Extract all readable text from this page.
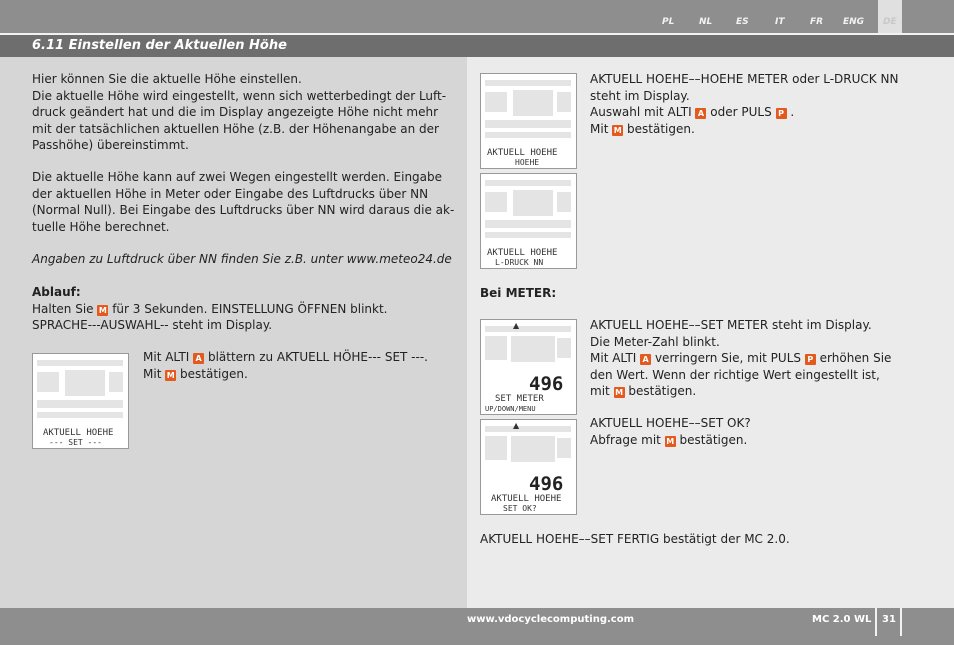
PL	NL	ES	IT	FR ENG DE
6.11 Einstellen der Aktuellen Höhe

Hier können Sie die aktuelle Höhe einstellen.

Die aktuelle Höhe wird eingestellt, wenn sich wetterbedingt der Luft-

druck geändert hat und die im Display angezeigte Höhe nicht mehr

mit der tatsächlichen aktuellen Höhe (z.B. der Höhenangabe an der

Passhöhe) übereinstimmt.

Die aktuelle Höhe kann auf zwei Wegen eingestellt werden. Eingabe

der aktuellen Höhe in Meter oder Eingabe des Luftdrucks über NN

(Normal Null). Bei Eingabe des Luftdrucks über NN wird daraus die ak-

tuelle Höhe berechnet.

Angaben zu Luftdruck über NN finden Sie z.B. unter www.meteo24.de

Ablauf:

Halten Sie M für 3 Sekunden. EINSTELLUNG ÖFFNEN blinkt.

SPRACHE---AUSWAHL-- steht im Display.

Mit ALTI A blättern zu AKTUELL HÖHE--- SET ---.

Mit M bestätigen.

AKTUELL HOEHE
--- SET ---

AKTUELL HOEHE––HOEHE METER oder L-DRUCK NN

steht im Display.

Auswahl mit ALTI A oder PULS P .

Mit M bestätigen.

AKTUELL HOEHE
HOEHE
AKTUELL HOEHE
L-DRUCK NN
Bei METER:

AKTUELL HOEHE––SET METER steht im Display.

Die Meter-Zahl blinkt.

Mit ALTI A verringern Sie, mit PULS P erhöhen Sie

den Wert. Wenn der richtige Wert eingestellt ist,

mit M bestätigen.

AKTUELL HOEHE––SET OK?

Abfrage mit M bestätigen.

▲
496
SET METER
UP/DOWN/MENU
▲
496
AKTUELL HOEHE
SET OK?
AKTUELL HOEHE––SET FERTIG bestätigt der MC 2.0.
www.vdocyclecomputing.com	MC 2.0 WL 31
